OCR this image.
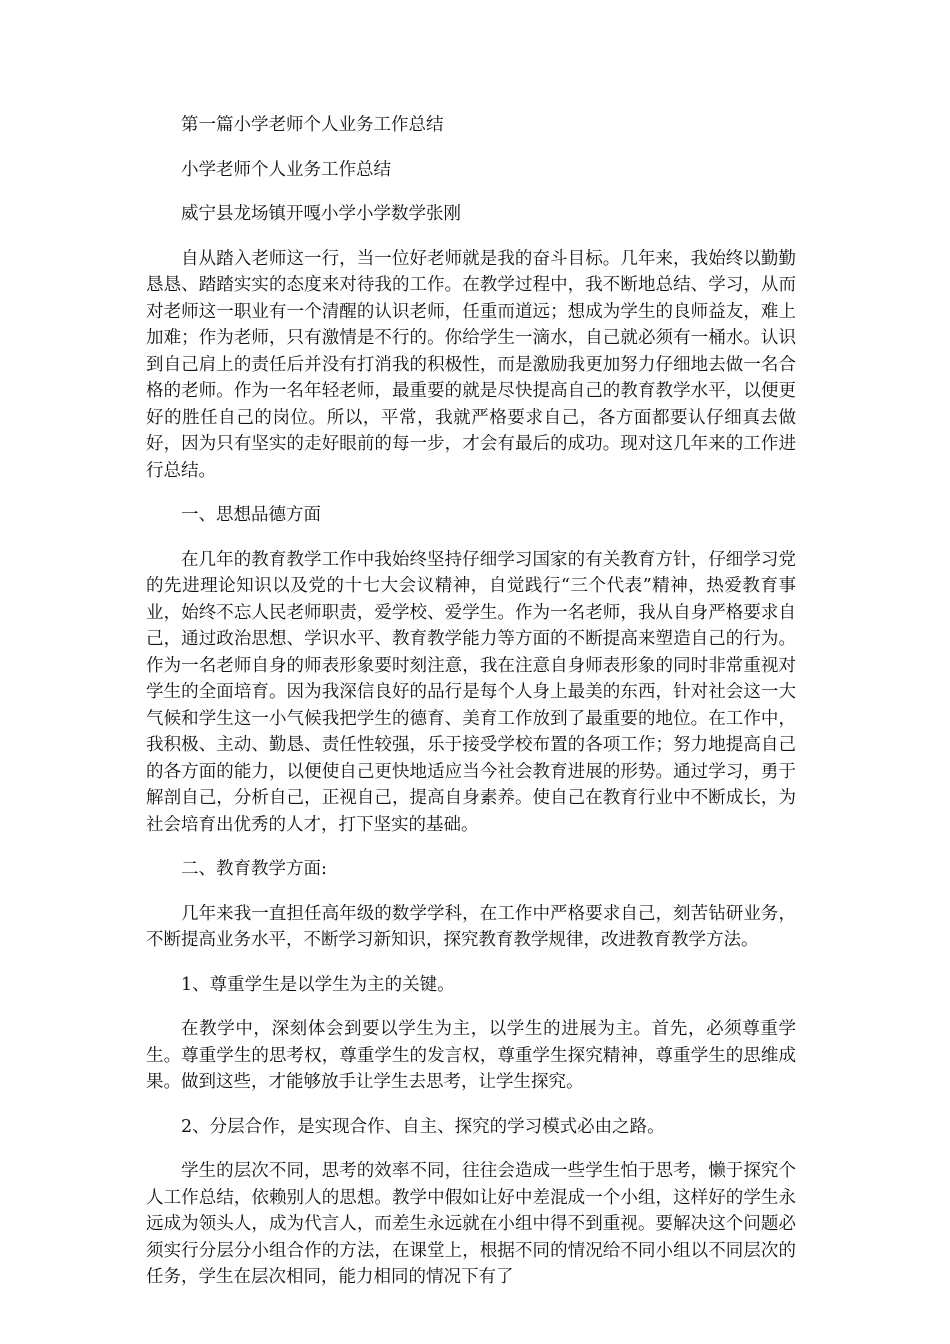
第一篇小学老师个人业务工作总结

小学老师个人业务工作总结

威宁县龙场镇开嘎小学小学数学张刚

自从踏入老师这一行，当一位好老师就是我的奋斗目标。几年来，我始终以勤勤恳恳、踏踏实实的态度来对待我的工作。在教学过程中，我不断地总结、学习，从而对老师这一职业有一个清醒的认识老师，任重而道远；想成为学生的良师益友，难上加难；作为老师，只有激情是不行的。你给学生一滴水，自己就必须有一桶水。认识到自己肩上的责任后并没有打消我的积极性，而是激励我更加努力仔细地去做一名合格的老师。作为一名年轻老师，最重要的就是尽快提高自己的教育教学水平，以便更好的胜任自己的岗位。所以，平常，我就严格要求自己，各方面都要认仔细真去做好，因为只有坚实的走好眼前的每一步，才会有最后的成功。现对这几年来的工作进行总结。

一、思想品德方面

在几年的教育教学工作中我始终坚持仔细学习国家的有关教育方针，仔细学习党的先进理论知识以及党的十七大会议精神，自觉践行“三个代表”精神，热爱教育事业，始终不忘人民老师职责，爱学校、爱学生。作为一名老师，我从自身严格要求自己，通过政治思想、学识水平、教育教学能力等方面的不断提高来塑造自己的行为。作为一名老师自身的师表形象要时刻注意，我在注意自身师表形象的同时非常重视对学生的全面培育。因为我深信良好的品行是每个人身上最美的东西，针对社会这一大气候和学生这一小气候我把学生的德育、美育工作放到了最重要的地位。在工作中，我积极、主动、勤恳、责任性较强，乐于接受学校布置的各项工作；努力地提高自己的各方面的能力，以便使自己更快地适应当今社会教育进展的形势。通过学习，勇于解剖自己，分析自己，正视自己，提高自身素养。使自己在教育行业中不断成长，为社会培育出优秀的人才，打下坚实的基础。

二、教育教学方面:

几年来我一直担任高年级的数学学科，在工作中严格要求自己，刻苦钻研业务，不断提高业务水平，不断学习新知识，探究教育教学规律，改进教育教学方法。

1、尊重学生是以学生为主的关键。

在教学中，深刻体会到要以学生为主，以学生的进展为主。首先，必须尊重学生。尊重学生的思考权，尊重学生的发言权，尊重学生探究精神，尊重学生的思维成果。做到这些，才能够放手让学生去思考，让学生探究。

2、分层合作，是实现合作、自主、探究的学习模式必由之路。

学生的层次不同，思考的效率不同，往往会造成一些学生怕于思考，懒于探究个人工作总结，依赖别人的思想。教学中假如让好中差混成一个小组，这样好的学生永远成为领头人，成为代言人，而差生永远就在小组中得不到重视。要解决这个问题必须实行分层分小组合作的方法，在课堂上，根据不同的情况给不同小组以不同层次的任务，学生在层次相同，能力相同的情况下有了
